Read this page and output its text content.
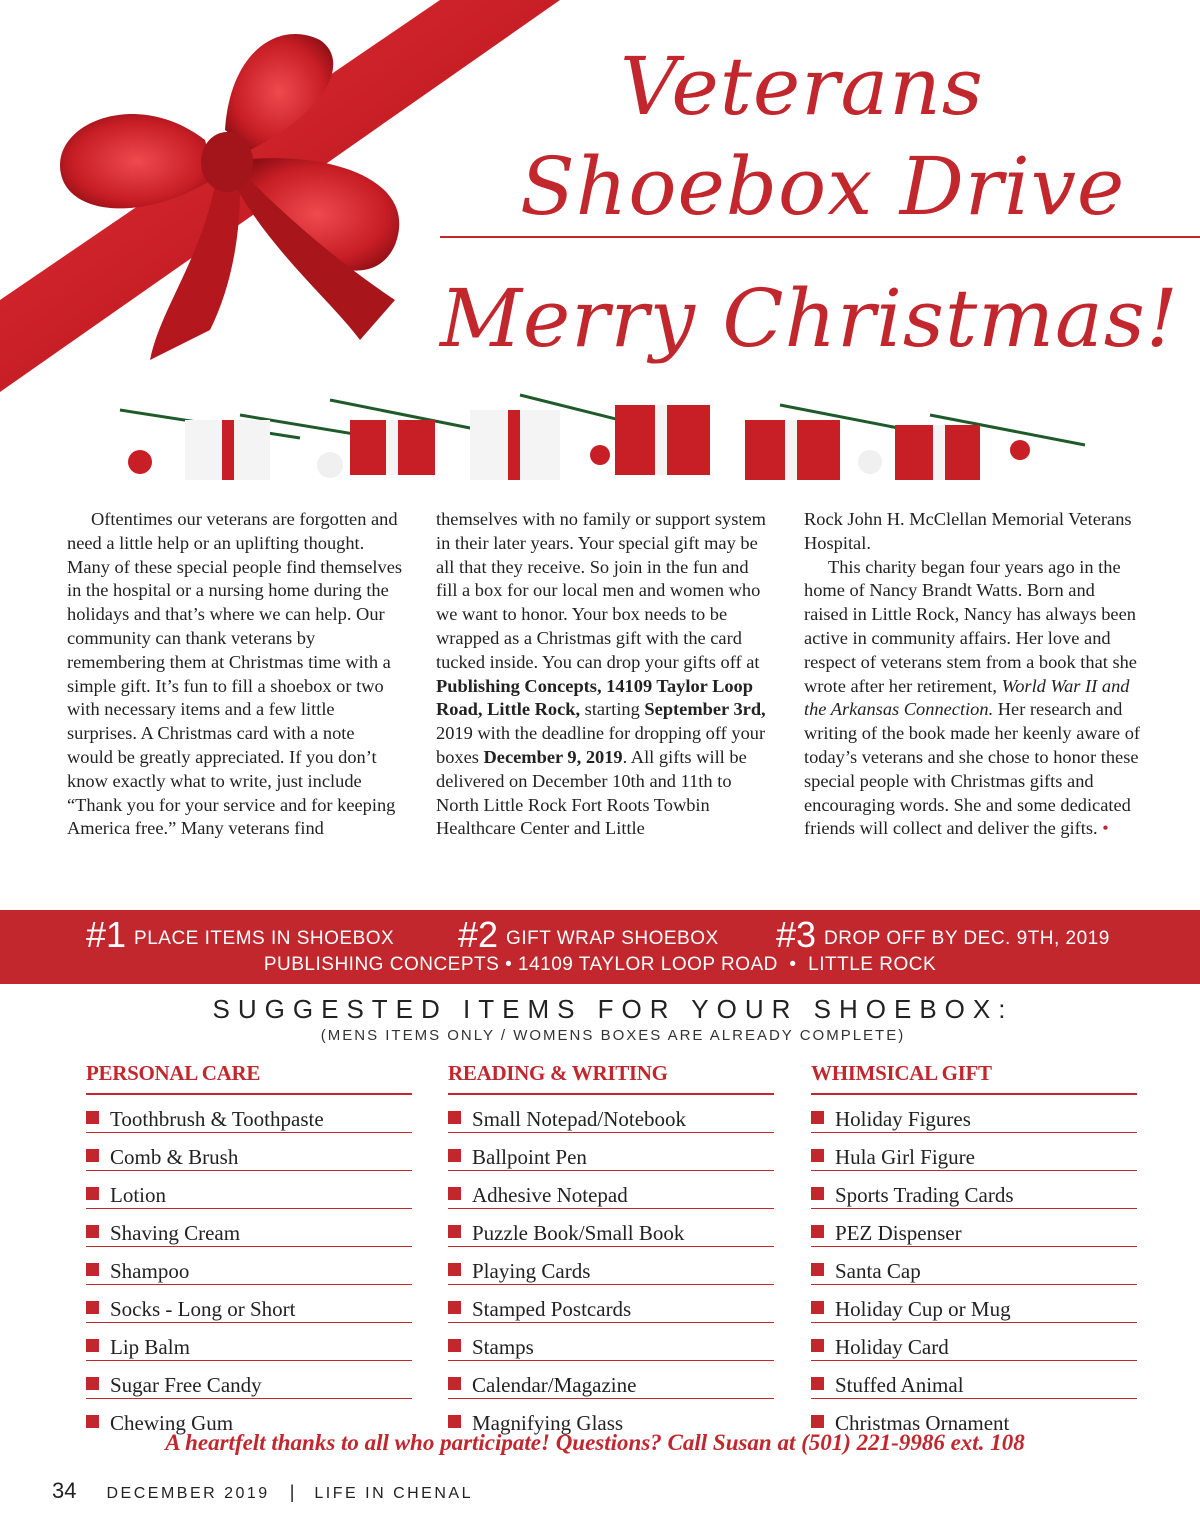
Veterans
Shoebox Drive
Merry Christmas!

Oftentimes our veterans are forgotten and need a little help or an uplifting thought. Many of these special people find themselves in the hospital or a nursing home during the holidays and that’s where we can help. Our community can thank veterans by remembering them at Christmas time with a simple gift. It’s fun to fill a shoebox or two with necessary items and a few little surprises. A Christmas card with a note would be greatly appreciated. If you don’t know exactly what to write, just include “Thank you for your service and for keeping America free.” Many veterans find

themselves with no family or support system in their later years. Your special gift may be all that they receive. So join in the fun and fill a box for our local men and women who we want to honor. Your box needs to be wrapped as a Christmas gift with the card tucked inside. You can drop your gifts off at Publishing Concepts, 14109 Taylor Loop Road, Little Rock, starting September 3rd, 2019 with the deadline for dropping off your boxes December 9, 2019. All gifts will be delivered on December 10th and 11th to North Little Rock Fort Roots Towbin Healthcare Center and Little

Rock John H. McClellan Memorial Veterans Hospital.

This charity began four years ago in the home of Nancy Brandt Watts. Born and raised in Little Rock, Nancy has always been active in community affairs. Her love and respect of veterans stem from a book that she wrote after her retirement, World War II and the Arkansas Connection. Her research and writing of the book made her keenly aware of today’s veterans and she chose to honor these special people with Christmas gifts and encouraging words. She and some dedicated friends will collect and deliver the gifts. •

#1 PLACE ITEMS IN SHOEBOX #2 GIFT WRAP SHOEBOX #3 DROP OFF BY DEC. 9TH, 2019
PUBLISHING CONCEPTS • 14109 TAYLOR LOOP ROAD  •  LITTLE ROCK
SUGGESTED ITEMS FOR YOUR SHOEBOX:
(MENS ITEMS ONLY / WOMENS BOXES ARE ALREADY COMPLETE)
PERSONAL CARE
Toothbrush & Toothpaste
Comb & Brush
Lotion
Shaving Cream
Shampoo
Socks - Long or Short
Lip Balm
Sugar Free Candy
Chewing Gum
READING & WRITING
Small Notepad/Notebook
Ballpoint Pen
Adhesive Notepad
Puzzle Book/Small Book
Playing Cards
Stamped Postcards
Stamps
Calendar/Magazine
Magnifying Glass
WHIMSICAL GIFT
Holiday Figures
Hula Girl Figure
Sports Trading Cards
PEZ Dispenser
Santa Cap
Holiday Cup or Mug
Holiday Card
Stuffed Animal
Christmas Ornament
A heartfelt thanks to all who participate! Questions? Call Susan at (501) 221-9986 ext. 108
34 DECEMBER 2019 | LIFE IN CHENAL
